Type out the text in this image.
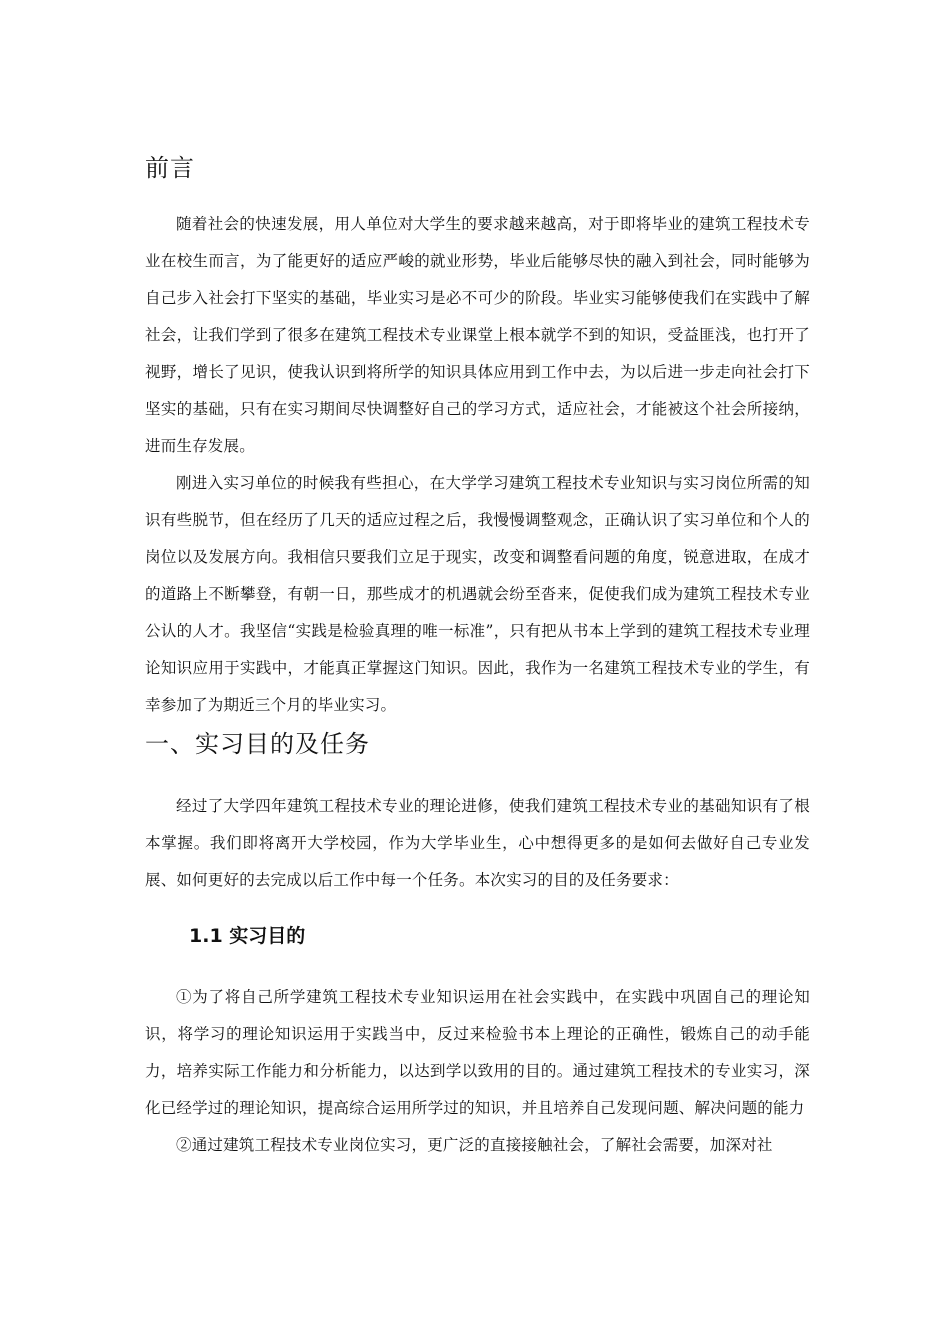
前言

随着社会的快速发展，用人单位对大学生的要求越来越高，对于即将毕业的建筑工程技术专业在校生而言，为了能更好的适应严峻的就业形势，毕业后能够尽快的融入到社会，同时能够为自己步入社会打下坚实的基础，毕业实习是必不可少的阶段。毕业实习能够使我们在实践中了解社会，让我们学到了很多在建筑工程技术专业课堂上根本就学不到的知识，受益匪浅，也打开了视野，增长了见识，使我认识到将所学的知识具体应用到工作中去，为以后进一步走向社会打下坚实的基础，只有在实习期间尽快调整好自己的学习方式，适应社会，才能被这个社会所接纳，进而生存发展。

刚进入实习单位的时候我有些担心，在大学学习建筑工程技术专业知识与实习岗位所需的知识有些脱节，但在经历了几天的适应过程之后，我慢慢调整观念，正确认识了实习单位和个人的岗位以及发展方向。我相信只要我们立足于现实，改变和调整看问题的角度，锐意进取，在成才的道路上不断攀登，有朝一日，那些成才的机遇就会纷至沓来，促使我们成为建筑工程技术专业公认的人才。我坚信“实践是检验真理的唯一标准”，只有把从书本上学到的建筑工程技术专业理论知识应用于实践中，才能真正掌握这门知识。因此，我作为一名建筑工程技术专业的学生，有幸参加了为期近三个月的毕业实习。

一、实习目的及任务

经过了大学四年建筑工程技术专业的理论进修，使我们建筑工程技术专业的基础知识有了根本掌握。我们即将离开大学校园，作为大学毕业生，心中想得更多的是如何去做好自己专业发展、如何更好的去完成以后工作中每一个任务。本次实习的目的及任务要求：

1.1 实习目的

①为了将自己所学建筑工程技术专业知识运用在社会实践中，在实践中巩固自己的理论知识，将学习的理论知识运用于实践当中，反过来检验书本上理论的正确性，锻炼自己的动手能力，培养实际工作能力和分析能力，以达到学以致用的目的。通过建筑工程技术的专业实习，深化已经学过的理论知识，提高综合运用所学过的知识，并且培养自己发现问题、解决问题的能力

②通过建筑工程技术专业岗位实习，更广泛的直接接触社会，了解社会需要，加深对社
